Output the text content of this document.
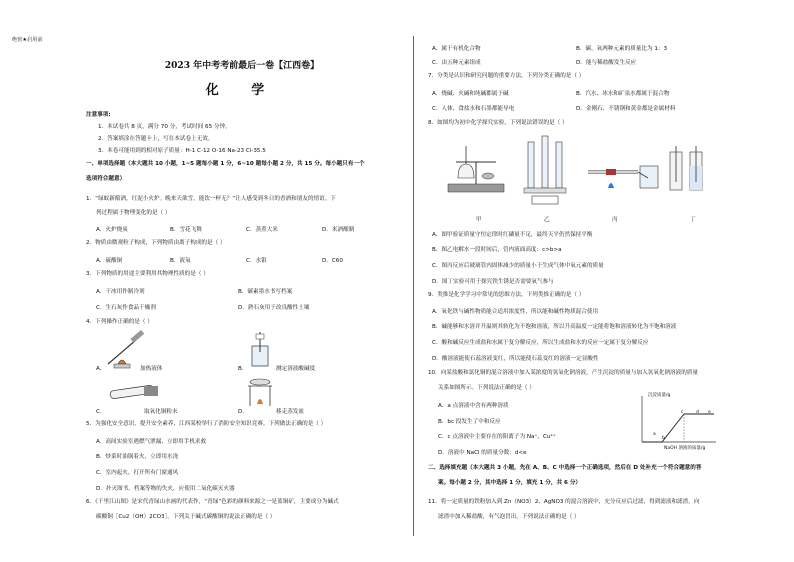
绝密★启用前
2023 年中考考前最后一卷【江西卷】
化 学
注意事项:
1．本试卷共 8 页，满分 70 分，考试时间 65 分钟。
2．答案填涂在答题卡上，写在本试卷上无效。
3．本卷可能用到的相对原子质量：H-1 C-12 O-16 Na-23 Cl-35.5
一、单项选择题（本大题共 10 小题，1~5 题每小题 1 分，6~10 题每小题 2 分，共 15 分。每小题只有一个
选项符合题意）
1．“绿蚁新醅酒，红泥小火炉。晚来天欲雪，能饮一杯无？”让人感受到冬日的香酒和朋友的情谊。下
列过程属于物理变化的是（ ）
A．火炉烧炭	B．雪花飞舞	C．蒸煮大米	D．米酒酿制
2．物质由微观粒子构成，下列物质由离子构成的是（ ）
A．硫酸铜	B．液氧	C．水银	D．C60
3．下列物质的用途主要利用其物理性质的是（ ）
A．干冰用作制冷剂	B．碳素墨水书写档案
C．生石灰作食品干燥剂	D．熟石灰用于改良酸性土壤
4．下列操作正确的是（ ）
A．	加热液体	B．	测定溶液酸碱度
C．	取氧化铜粉末	D．	移走蒸发皿
5．为强化安全意识，提升安全素养，江西某校举行了消防安全知识竞赛。下列做法正确的是（ ）
A．高间实验室遇燃气泄漏，立即用手机求救
B．炒菜时油锅着火，立即用水浇
C．室内起火，打开所有门窗通风
D．扑灭图书、档案等物的失火，应使用二氧化碳灭火器
6．《千里江山图》是宋代青绿山水画的代表作，“青绿”色彩的颜料来源之一是蓝铜矿，主要成分为碱式
碳酸铜［Cu2（OH）2CO3］。下列关于碱式碳酸铜的说法正确的是（ ）
A．属于有机化合物	B．碳、氧两种元素的质量比为 1：3
C．由五种元素组成	D．能与稀盐酸发生反应
7．分类是认识和研究问题的重要方法，下列分类正确的是（ ）
A．烧碱、火碱和纯碱都属于碱	B．汽水、冰水和矿泉水都属于混合物
C．人体、食盐水和石墨都能导电	D．金刚石、不锈钢和黄金都是金属材料
8．如图均为初中化学探究实验，下列说法错误的是（ ）
甲	乙	丙	丁
A．图甲验证质量守恒定律时红磷量不足，最终天平仍然保持平衡
B．图乙电解水一段时间后，管内液面高度：c>b>a
C．图丙反应后玻璃管内固体减少的质量小于生成气体中氧元素的质量
D．图丁实验可用于探究铁生锈是否需要氧气参与
9．类推是化学学习中常见的思维方法。下列类推正确的是（ ）
A．氧化铁与碱性物质能合适用浓度性，所以能和碱性物质混合使用
B．碱能够和水溶并升温则其转化为不饱和溶液，所以升高温度一定能将饱和溶液转化为不饱和溶液
C．酸和碱反应生成盐和水属于复分解反应，所以生成盐和水的反应一定属于复分解反应
D．酸溶液能使石蕊溶液变红，所以能使石蕊变红的溶液一定显酸性
10．向某盐酸和氯化铜的混合溶液中加入某浓度的氢氧化钠溶液，产生沉淀的质量与加入氢氧化钠溶液的质量
关系如图所示。下列说法正确的是（ ）
A．a 点溶液中含有两种溶质
B．bc 段发生了中和反应
C．c 点溶液中主要存在的阳离子为 Na⁺、Cu²⁺
D．溶液中 NaCl 的质量分数：d<e
沉淀质量/g
NaOH 溶液的质量/g
a
b
c	d e
二、选择填充题（本大题共 3 小题，先在 A、B、C 中选择一个正确选项，然后在 D 处补充一个符合题意的答
案。每小题 2 分，其中选择 1 分，填充 1 分，共 6 分）
11．将一定质量的铁粉加入到 Zn（NO3）2、AgNO3 的混合溶液中，充分反应后过滤，得到滤液和滤渣。向
滤渣中加入稀盐酸，有气泡冒出。下列说法正确的是（ ）
